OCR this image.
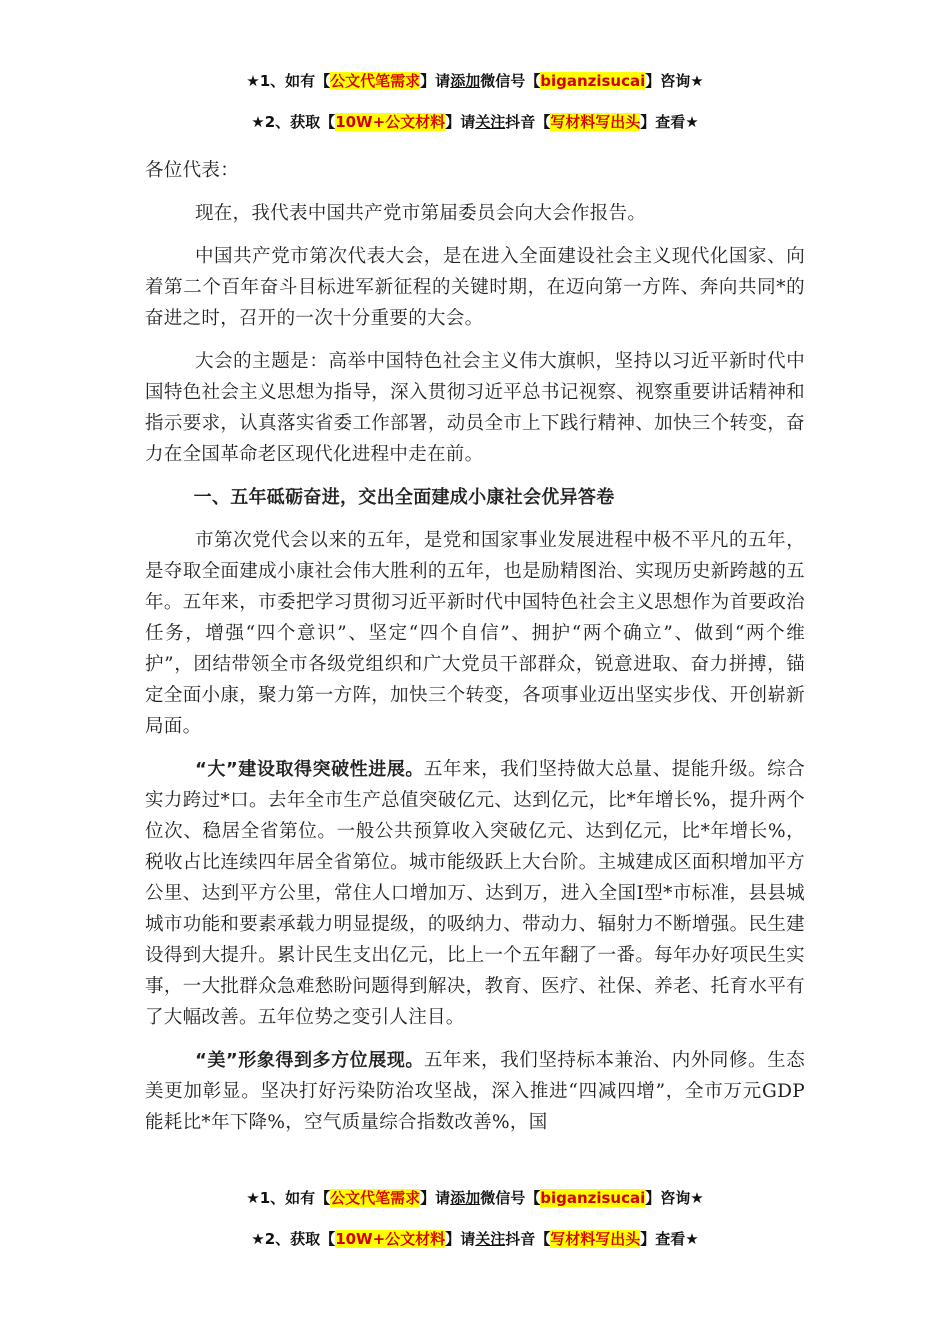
★1、如有【公文代笔需求】请添加微信号【biganzisucai】咨询★
★2、获取【10W+公文材料】请关注抖音【写材料写出头】查看★
各位代表：

现在，我代表中国共产党市第届委员会向大会作报告。

中国共产党市第次代表大会，是在进入全面建设社会主义现代化国家、向着第二个百年奋斗目标进军新征程的关键时期，在迈向第一方阵、奔向共同*的奋进之时，召开的一次十分重要的大会。

大会的主题是：高举中国特色社会主义伟大旗帜，坚持以习近平新时代中国特色社会主义思想为指导，深入贯彻习近平总书记视察、视察重要讲话精神和指示要求，认真落实省委工作部署，动员全市上下践行精神、加快三个转变，奋力在全国革命老区现代化进程中走在前。

一、五年砥砺奋进，交出全面建成小康社会优异答卷

市第次党代会以来的五年，是党和国家事业发展进程中极不平凡的五年，是夺取全面建成小康社会伟大胜利的五年，也是励精图治、实现历史新跨越的五年。五年来，市委把学习贯彻习近平新时代中国特色社会主义思想作为首要政治任务，增强“四个意识”、坚定“四个自信”、拥护“两个确立”、做到“两个维护”，团结带领全市各级党组织和广大党员干部群众，锐意进取、奋力拼搏，锚定全面小康，聚力第一方阵，加快三个转变，各项事业迈出坚实步伐、开创崭新局面。

“大”建设取得突破性进展。五年来，我们坚持做大总量、提能升级。综合实力跨过*口。去年全市生产总值突破亿元、达到亿元，比*年增长%，提升两个位次、稳居全省第位。一般公共预算收入突破亿元、达到亿元，比*年增长%，税收占比连续四年居全省第位。城市能级跃上大台阶。主城建成区面积增加平方公里、达到平方公里，常住人口增加万、达到万，进入全国Ⅰ型*市标准，县县城城市功能和要素承载力明显提级，的吸纳力、带动力、辐射力不断增强。民生建设得到大提升。累计民生支出亿元，比上一个五年翻了一番。每年办好项民生实事，一大批群众急难愁盼问题得到解决，教育、医疗、社保、养老、托育水平有了大幅改善。五年位势之变引人注目。

“美”形象得到多方位展现。五年来，我们坚持标本兼治、内外同修。生态美更加彰显。坚决打好污染防治攻坚战，深入推进“四减四增”，全市万元GDP能耗比*年下降%，空气质量综合指数改善%，国

★1、如有【公文代笔需求】请添加微信号【biganzisucai】咨询★
★2、获取【10W+公文材料】请关注抖音【写材料写出头】查看★
